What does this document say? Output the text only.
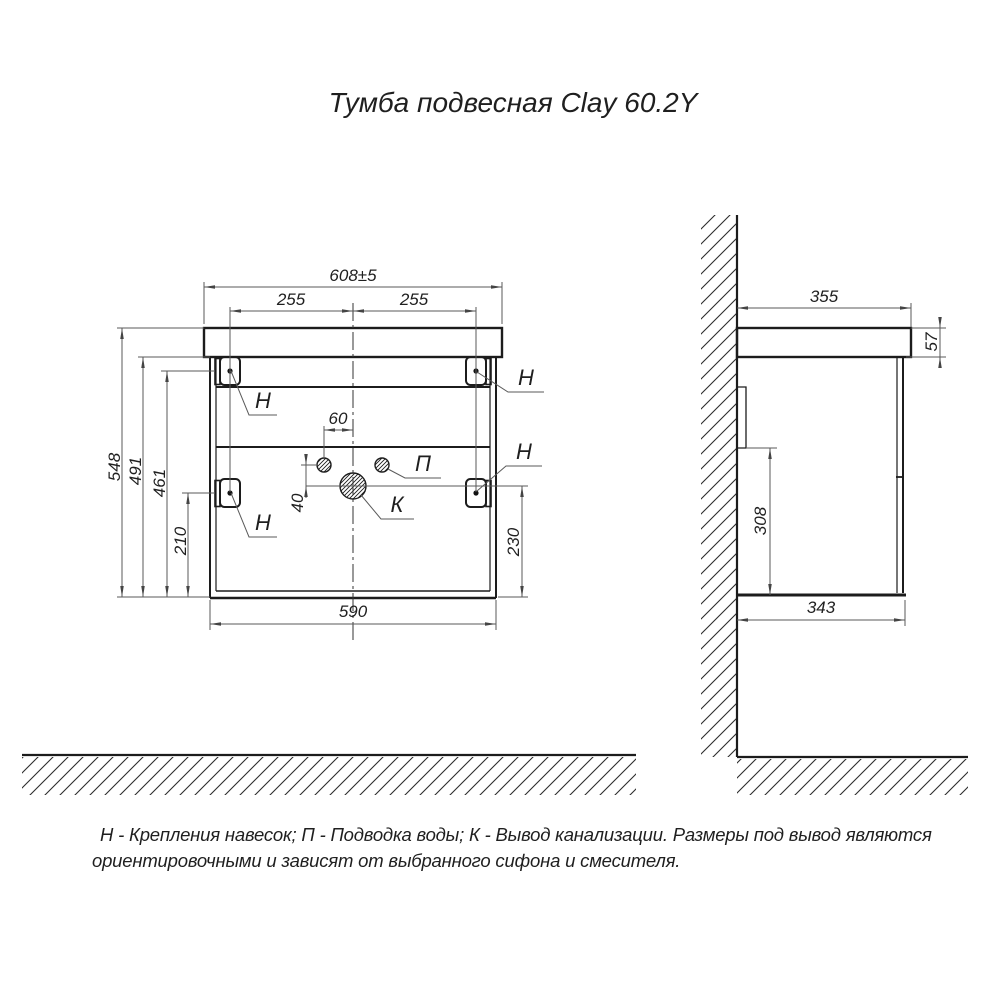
Тумба подвесная Clay 60.2Y
608±5
255	255
548 491 461
210
60
40
230
590
Н
Н
Н
Н
П
К
355
57
308
343
Н - Крепления навесок; П - Подводка воды; К - Вывод канализации. Размеры под вывод являются
ориентировочными и зависят от выбранного сифона и смесителя.
